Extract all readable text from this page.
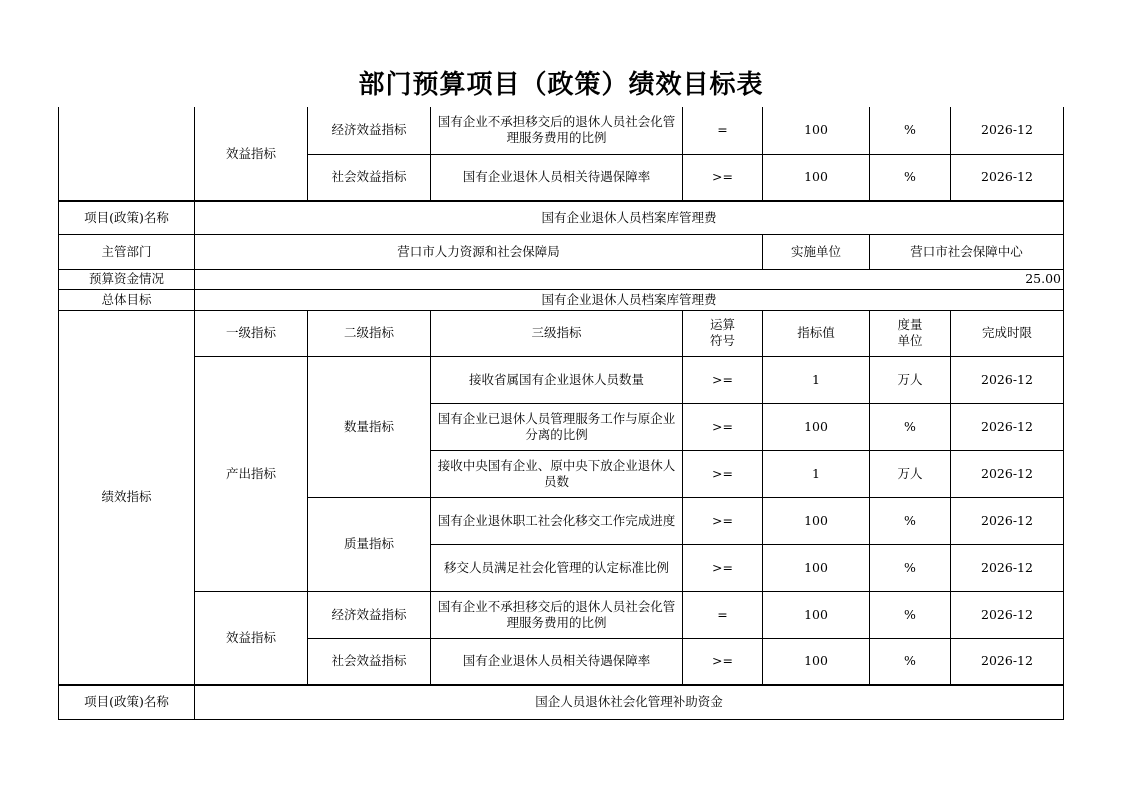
部门预算项目（政策）绩效目标表
	效益指标	经济效益指标	国有企业不承担移交后的退休人员社会化管理服务费用的比例	=	100	%	2026-12
		社会效益指标	国有企业退休人员相关待遇保障率	>=	100	%	2026-12
项目(政策)名称	国有企业退休人员档案库管理费						
主管部门	营口市人力资源和社会保障局				实施单位	营口市社会保障中心	
预算资金情况	25.00						
总体目标	国有企业退休人员档案库管理费						
绩效指标	一级指标	二级指标	三级指标	运算符号	指标值	度量单位	完成时限
	产出指标	数量指标	接收省属国有企业退休人员数量	>=	1	万人	2026-12
			国有企业已退休人员管理服务工作与原企业分离的比例	>=	100	%	2026-12
			接收中央国有企业、原中央下放企业退休人员数	>=	1	万人	2026-12
		质量指标	国有企业退休职工社会化移交工作完成进度	>=	100	%	2026-12
			移交人员满足社会化管理的认定标准比例	>=	100	%	2026-12
	效益指标	经济效益指标	国有企业不承担移交后的退休人员社会化管理服务费用的比例	=	100	%	2026-12
		社会效益指标	国有企业退休人员相关待遇保障率	>=	100	%	2026-12
项目(政策)名称	国企人员退休社会化管理补助资金						
